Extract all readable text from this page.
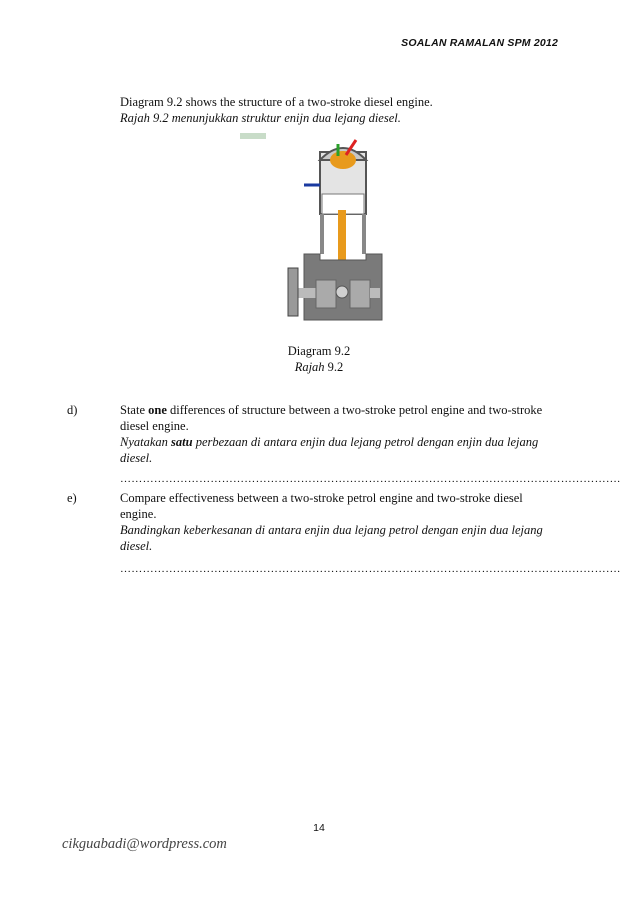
SOALAN RAMALAN SPM 2012
Diagram 9.2 shows the structure of a two-stroke diesel engine.
Rajah 9.2 menunjukkan struktur enijn dua lejang diesel.
Diagram 9.2
Rajah 9.2
d)	State one differences of structure between a two-stroke petrol engine and two-stroke diesel engine.
Nyatakan satu perbezaan di antara enjin dua lejang petrol dengan enjin dua lejang diesel.
…………………………………………………………………………………………………………………….
e)	Compare effectiveness between a two-stroke petrol engine and two-stroke diesel engine.
Bandingkan keberkesanan di antara enjin dua lejang petrol dengan enjin dua lejang diesel.
…………………………………………………………………………………………………………………….
14
cikguabadi@wordpress.com
